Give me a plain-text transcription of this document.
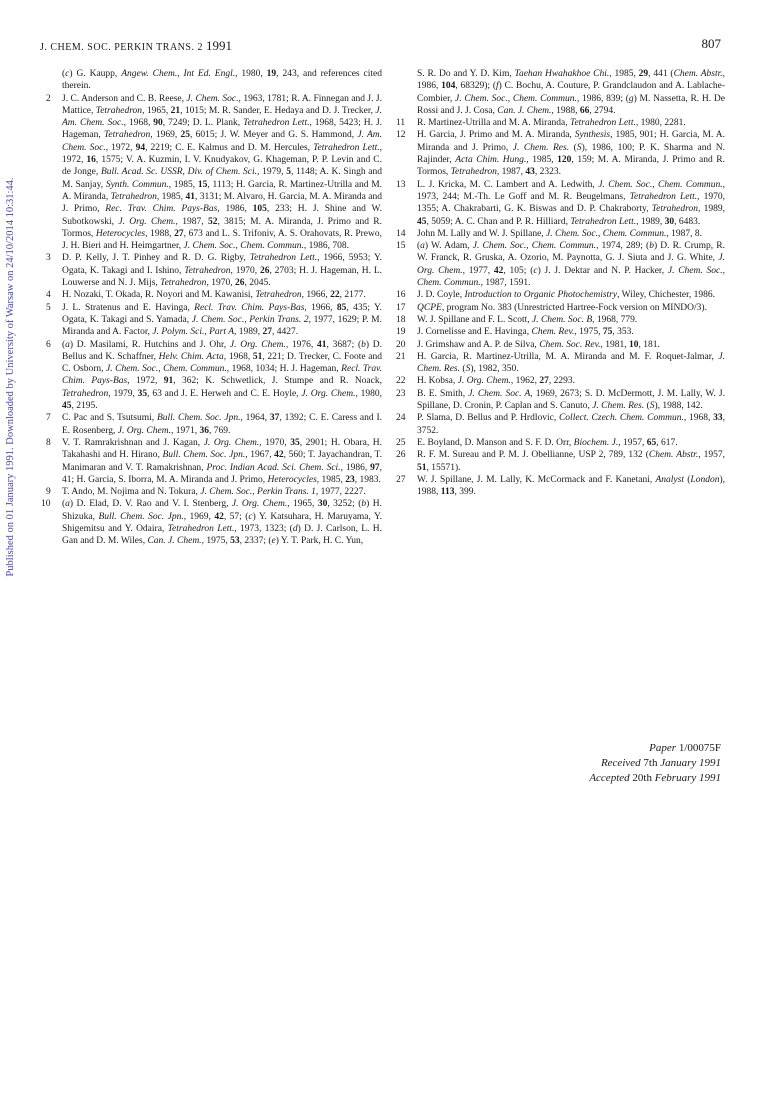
J. CHEM. SOC. PERKIN TRANS. 2 1991	807
Published on 01 January 1991. Downloaded by University of Warsaw on 24/10/2014 10:31:44.

(c) G. Kaupp, Angew. Chem., Int Ed. Engl., 1980, 19, 243, and references cited therein.

2	J. C. Anderson and C. B. Reese, J. Chem. Soc., 1963, 1781; R. A. Finnegan and J. J. Mattice, Tetrahedron, 1965, 21, 1015; M. R. Sander, E. Hedaya and D. J. Trecker, J. Am. Chem. Soc., 1968, 90, 7249; D. L. Plank, Tetrahedron Lett., 1968, 5423; H. J. Hageman, Tetrahedron, 1969, 25, 6015; J. W. Meyer and G. S. Hammond, J. Am. Chem. Soc., 1972, 94, 2219; C. E. Kalmus and D. M. Hercules, Tetrahedron Lett., 1972, 16, 1575; V. A. Kuzmin, I. V. Knudyakov, G. Khageman, P. P. Levin and C. de Jonge, Bull. Acad. Sc. USSR, Div. of Chem. Sci., 1979, 5, 1148; A. K. Singh and M. Sanjay, Synth. Commun., 1985, 15, 1113; H. Garcia, R. Martinez-Utrilla and M. A. Miranda, Tetrahedron, 1985, 41, 3131; M. Alvaro, H. Garcia, M. A. Miranda and J. Primo, Rec. Trav. Chim. Pays-Bas, 1986, 105, 233; H. J. Shine and W. Subotkowski, J. Org. Chem., 1987, 52, 3815; M. A. Miranda, J. Primo and R. Tormos, Heterocycles, 1988, 27, 673 and L. S. Trifoniv, A. S. Orahovats, R. Prewo, J. H. Bieri and H. Heimgartner, J. Chem. Soc., Chem. Commun., 1986, 708.

3	D. P. Kelly, J. T. Pinhey and R. D. G. Rigby, Tetrahedron Lett., 1966, 5953; Y. Ogata, K. Takagi and I. Ishino, Tetrahedron, 1970, 26, 2703; H. J. Hageman, H. L. Louwerse and N. J. Mijs, Tetrahedron, 1970, 26, 2045.

4	H. Nozaki, T. Okada, R. Noyori and M. Kawanisi, Tetrahedron, 1966, 22, 2177.

5	J. L. Stratenus and E. Havinga, Recl. Trav. Chim. Pays-Bas, 1966, 85, 435; Y. Ogata, K. Takagi and S. Yamada, J. Chem. Soc., Perkin Trans. 2, 1977, 1629; P. M. Miranda and A. Factor, J. Polym. Sci., Part A, 1989, 27, 4427.

6	(a) D. Masilami, R. Hutchins and J. Ohr, J. Org. Chem., 1976, 41, 3687; (b) D. Bellus and K. Schaffner, Helv. Chim. Acta, 1968, 51, 221; D. Trecker, C. Foote and C. Osborn, J. Chem. Soc., Chem. Commun., 1968, 1034; H. J. Hageman, Recl. Trav. Chim. Pays-Bas, 1972, 91, 362; K. Schwetlick, J. Stumpe and R. Noack, Tetrahedron, 1979, 35, 63 and J. E. Herweh and C. E. Hoyle, J. Org. Chem., 1980, 45, 2195.

7	C. Pac and S. Tsutsumi, Bull. Chem. Soc. Jpn., 1964, 37, 1392; C. E. Caress and I. E. Rosenberg, J. Org. Chem., 1971, 36, 769.

8	V. T. Ramrakrishnan and J. Kagan, J. Org. Chem., 1970, 35, 2901; H. Obara, H. Takahashi and H. Hirano, Bull. Chem. Soc. Jpn., 1967, 42, 560; T. Jayachandran, T. Manimaran and V. T. Ramakrishnan, Proc. Indian Acad. Sci. Chem. Sci., 1986, 97, 41; H. Garcia, S. Iborra, M. A. Miranda and J. Primo, Heterocycles, 1985, 23, 1983.

9	T. Ando, M. Nojima and N. Tokura, J. Chem. Soc., Perkin Trans. 1, 1977, 2227.

10	(a) D. Elad, D. V. Rao and V. I. Stenberg, J. Org. Chem., 1965, 30, 3252; (b) H. Shizuka, Bull. Chem. Soc. Jpn., 1969, 42, 57; (c) Y. Katsuhara, H. Maruyama, Y. Shigemitsu and Y. Odaira, Tetrahedron Lett., 1973, 1323; (d) D. J. Carlson, L. H. Gan and D. M. Wiles, Can. J. Chem., 1975, 53, 2337; (e) Y. T. Park, H. C. Yun,

S. R. Do and Y. D. Kim, Taehan Hwahakhoe Chi., 1985, 29, 441 (Chem. Abstr., 1986, 104, 68329); (f) C. Bochu, A. Couture, P. Grandclaudon and A. Lablache-Combier, J. Chem. Soc., Chem. Commun., 1986, 839; (g) M. Nassetta, R. H. De Rossi and J. J. Cosa, Can. J. Chem., 1988, 66, 2794.

11	R. Martinez-Utrilla and M. A. Miranda, Tetrahedron Lett., 1980, 2281.

12	H. Garcia, J. Primo and M. A. Miranda, Synthesis, 1985, 901; H. Garcia, M. A. Miranda and J. Primo, J. Chem. Res. (S), 1986, 100; P. K. Sharma and N. Rajinder, Acta Chim. Hung., 1985, 120, 159; M. A. Miranda, J. Primo and R. Tormos, Tetrahedron, 1987, 43, 2323.

13	L. J. Kricka, M. C. Lambert and A. Ledwith, J. Chem. Soc., Chem. Commun., 1973, 244; M.-Th. Le Goff and M. R. Beugelmans, Tetrahedron Lett., 1970, 1355; A. Chakrabarti, G. K. Biswas and D. P. Chakraborty, Tetrahedron, 1989, 45, 5059; A. C. Chan and P. R. Hilliard, Tetrahedron Lett., 1989, 30, 6483.

14	John M. Lally and W. J. Spillane, J. Chem. Soc., Chem. Commun., 1987, 8.

15	(a) W. Adam, J. Chem. Soc., Chem. Commun., 1974, 289; (b) D. R. Crump, R. W. Franck, R. Gruska, A. Ozorio, M. Paynotta, G. J. Siuta and J. G. White, J. Org. Chem., 1977, 42, 105; (c) J. J. Dektar and N. P. Hacker, J. Chem. Soc., Chem. Commun., 1987, 1591.

16	J. D. Coyle, Introduction to Organic Photochemistry, Wiley, Chichester, 1986.

17	QCPE, program No. 383 (Unrestricted Hartree-Fock version on MINDO/3).

18	W. J. Spillane and F. L. Scott, J. Chem. Soc. B, 1968, 779.

19	J. Cornelisse and E. Havinga, Chem. Rev., 1975, 75, 353.

20	J. Grimshaw and A. P. de Silva, Chem. Soc. Rev., 1981, 10, 181.

21	H. Garcia, R. Martinez-Utrilla, M. A. Miranda and M. F. Roquet-Jalmar, J. Chem. Res. (S), 1982, 350.

22	H. Kobsa, J. Org. Chem., 1962, 27, 2293.

23	B. E. Smith, J. Chem. Soc. A, 1969, 2673; S. D. McDermott, J. M. Lally, W. J. Spillane, D. Cronin, P. Caplan and S. Canuto, J. Chem. Res. (S), 1988, 142.

24	P. Slama, D. Bellus and P. Hrdlovic, Collect. Czech. Chem. Commun., 1968, 33, 3752.

25	E. Boyland, D. Manson and S. F. D. Orr, Biochem. J., 1957, 65, 617.

26	R. F. M. Sureau and P. M. J. Obellianne, USP 2, 789, 132 (Chem. Abstr., 1957, 51, 15571).

27	W. J. Spillane, J. M. Lally, K. McCormack and F. Kanetani, Analyst (London), 1988, 113, 399.

Paper 1/00075F
Received 7th January 1991
Accepted 20th February 1991
